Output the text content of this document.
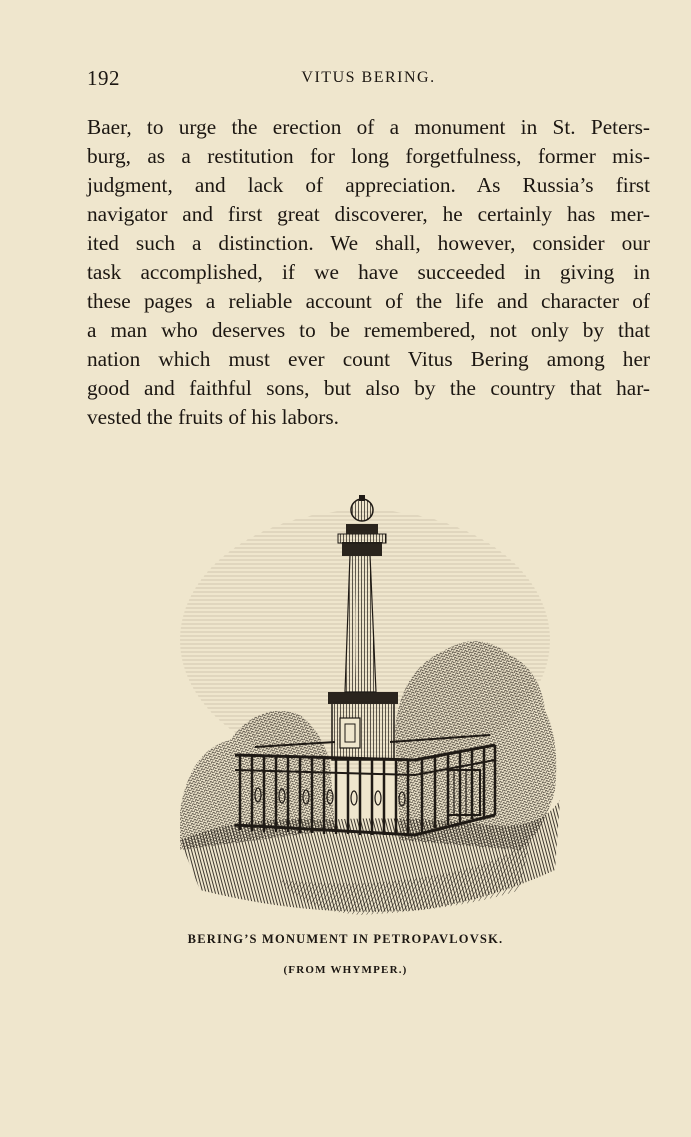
192	VITUS BERING.
Baer, to urge the erection of a monument in St. Peters-
burg, as a restitution for long forgetfulness, former mis-
judgment, and lack of appreciation. As Russia’s first
navigator and first great discoverer, he certainly has mer-
ited such a distinction. We shall, however, consider our
task accomplished, if we have succeeded in giving in
these pages a reliable account of the life and character of
a man who deserves to be remembered, not only by that
nation which must ever count Vitus Bering among her
good and faithful sons, but also by the country that har-
vested the fruits of his labors.
BERING’S MONUMENT IN PETROPAVLOVSK.
(FROM WHYMPER.)
